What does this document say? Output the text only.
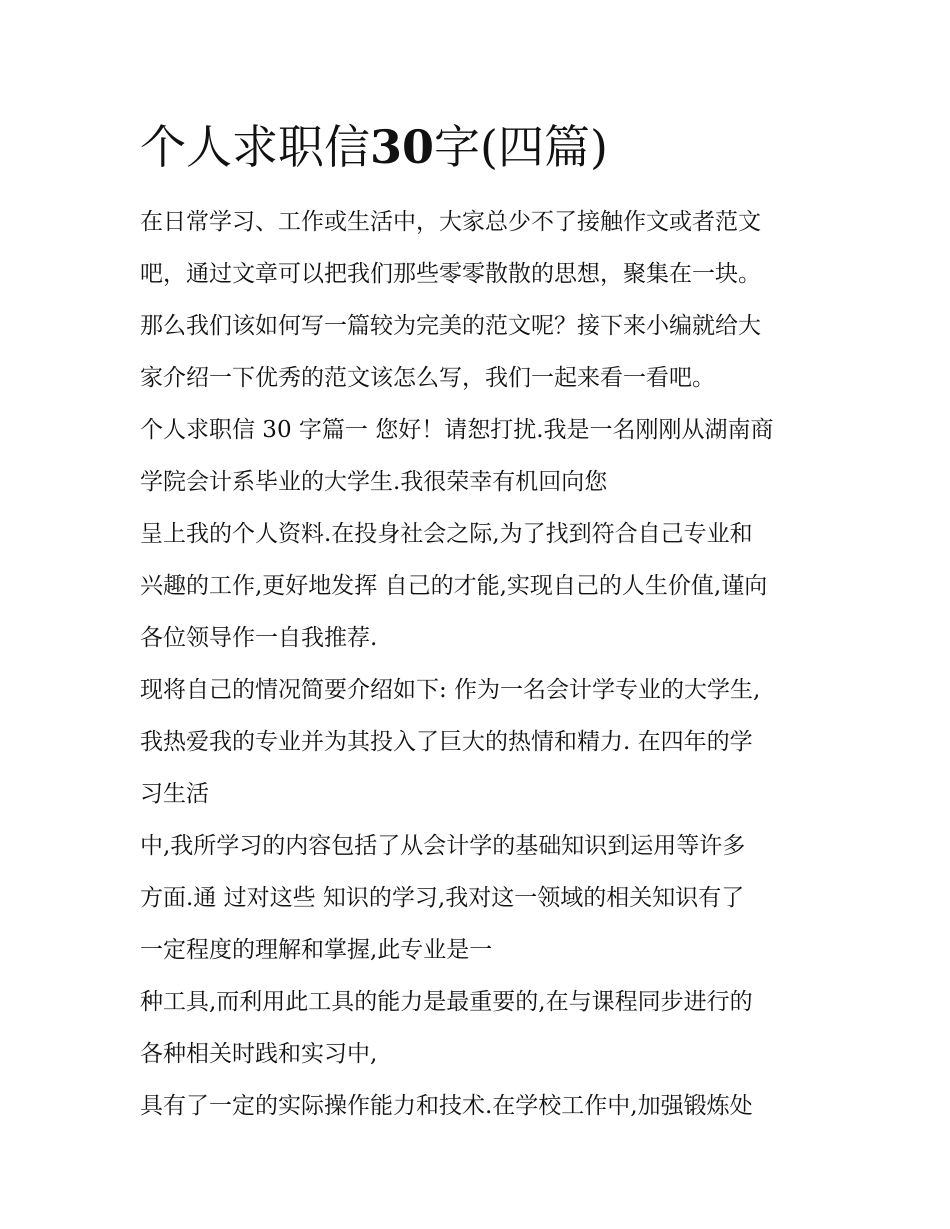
个人求职信30字(四篇)

在日常学习、工作或生活中，大家总少不了接触作文或者范文

吧，通过文章可以把我们那些零零散散的思想，聚集在一块。

那么我们该如何写一篇较为完美的范文呢？接下来小编就给大

家介绍一下优秀的范文该怎么写，我们一起来看一看吧。

个人求职信 30 字篇一 您好！请恕打扰.我是一名刚刚从湖南商

学院会计系毕业的大学生.我很荣幸有机回向您

呈上我的个人资料.在投身社会之际,为了找到符合自己专业和

兴趣的工作,更好地发挥 自己的才能,实现自己的人生价值,谨向

各位领导作一自我推荐.

现将自己的情况简要介绍如下: 作为一名会计学专业的大学生,

我热爱我的专业并为其投入了巨大的热情和精力. 在四年的学

习生活

中,我所学习的内容包括了从会计学的基础知识到运用等许多

方面.通 过对这些 知识的学习,我对这一领域的相关知识有了

一定程度的理解和掌握,此专业是一

种工具,而利用此工具的能力是最重要的,在与课程同步进行的

各种相关时践和实习中,

具有了一定的实际操作能力和技术.在学校工作中,加强锻炼处
